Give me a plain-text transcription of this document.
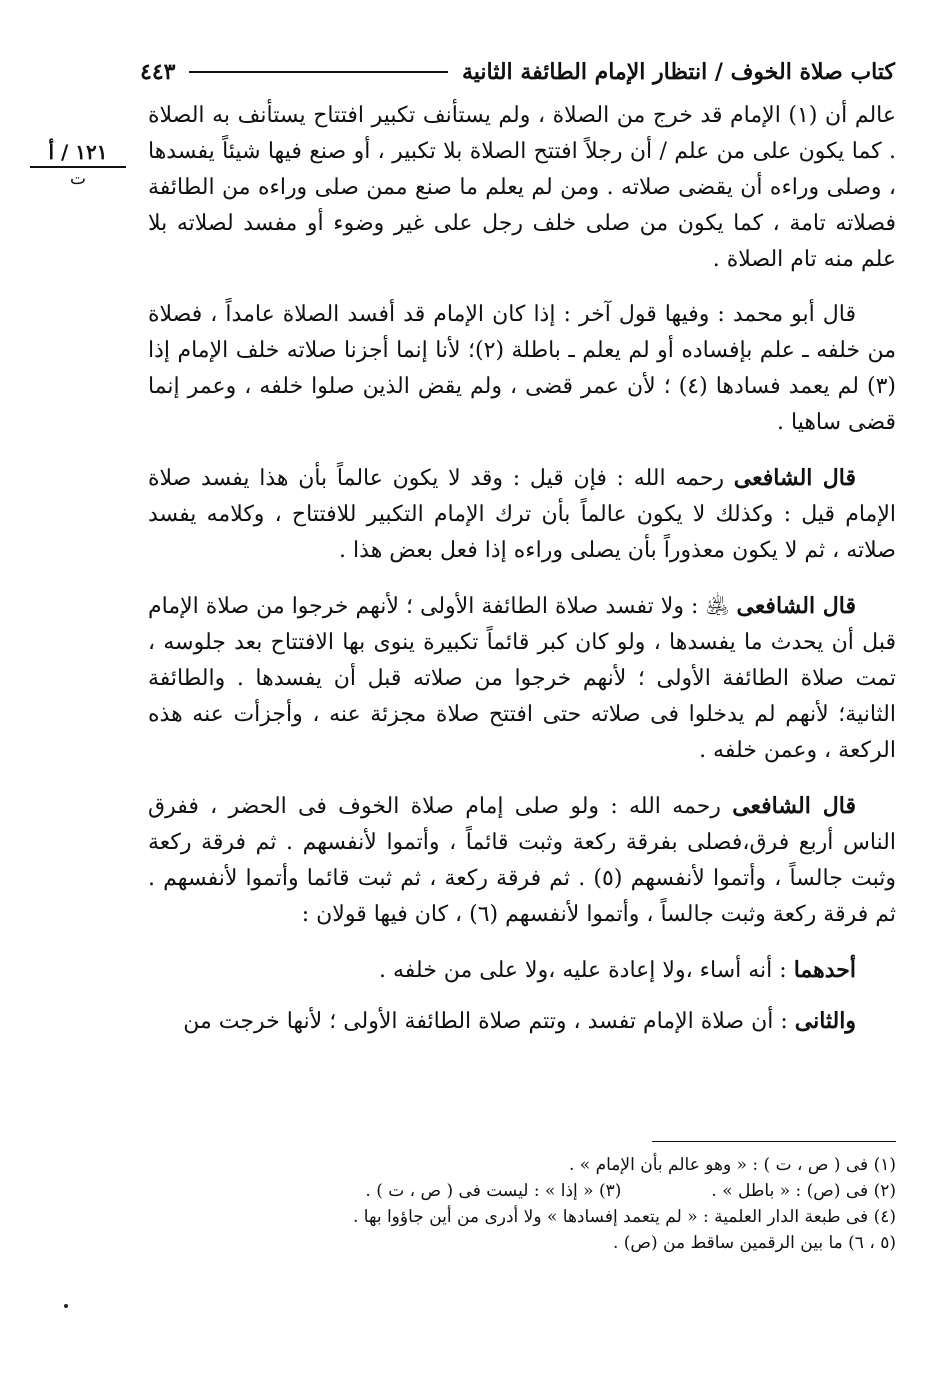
كتاب صلاة الخوف / انتظار الإمام الطائفة الثانية
٤٤٣
١٢١ / أ
ت

عالم أن (١) الإمام قد خرج من الصلاة ، ولم يستأنف تكبير افتتاح يستأنف به الصلاة . كما يكون على من علم / أن رجلاً افتتح الصلاة بلا تكبير ، أو صنع فيها شيئاً يفسدها ، وصلى وراءه أن يقضى صلاته . ومن لم يعلم ما صنع ممن صلى وراءه من الطائفة فصلاته تامة ، كما يكون من صلى خلف رجل على غير وضوء أو مفسد لصلاته بلا علم منه تام الصلاة .

قال أبو محمد : وفيها قول آخر : إذا كان الإمام قد أفسد الصلاة عامداً ، فصلاة من خلفه ـ علم بإفساده أو لم يعلم ـ باطلة (٢)؛ لأنا إنما أجزنا صلاته خلف الإمام إذا (٣) لم يعمد فسادها (٤) ؛ لأن عمر قضى ، ولم يقض الذين صلوا خلفه ، وعمر إنما قضى ساهيا .

قال الشافعى رحمه الله : فإن قيل : وقد لا يكون عالماً بأن هذا يفسد صلاة الإمام قيل : وكذلك لا يكون عالماً بأن ترك الإمام التكبير للافتتاح ، وكلامه يفسد صلاته ، ثم لا يكون معذوراً بأن يصلى وراءه إذا فعل بعض هذا .

قال الشافعى ﵁ : ولا تفسد صلاة الطائفة الأولى ؛ لأنهم خرجوا من صلاة الإمام قبل أن يحدث ما يفسدها ، ولو كان كبر قائماً تكبيرة ينوى بها الافتتاح بعد جلوسه ، تمت صلاة الطائفة الأولى ؛ لأنهم خرجوا من صلاته قبل أن يفسدها . والطائفة الثانية؛ لأنهم لم يدخلوا فى صلاته حتى افتتح صلاة مجزئة عنه ، وأجزأت عنه هذه الركعة ، وعمن خلفه .

قال الشافعى رحمه الله : ولو صلى إمام صلاة الخوف فى الحضر ، ففرق الناس أربع فرق،فصلى بفرقة ركعة وثبت قائماً ، وأتموا لأنفسهم . ثم فرقة ركعة وثبت جالساً ، وأتموا لأنفسهم (٥) . ثم فرقة ركعة ، ثم ثبت قائما وأتموا لأنفسهم . ثم فرقة ركعة وثبت جالساً ، وأتموا لأنفسهم (٦) ، كان فيها قولان :

أحدهما : أنه أساء ،ولا إعادة عليه ،ولا على من خلفه .

والثانى : أن صلاة الإمام تفسد ، وتتم صلاة الطائفة الأولى ؛ لأنها خرجت من

(١) فى ( ص ، ت ) : « وهو عالم بأن الإمام » .
(٢) فى (ص) : « باطل » .
(٣) « إذا » : ليست فى ( ص ، ت ) .
(٤) فى طبعة الدار العلمية : « لم يتعمد إفسادها » ولا أدرى من أين جاؤوا بها .
(٥ ، ٦) ما بين الرقمين ساقط من (ص) .
